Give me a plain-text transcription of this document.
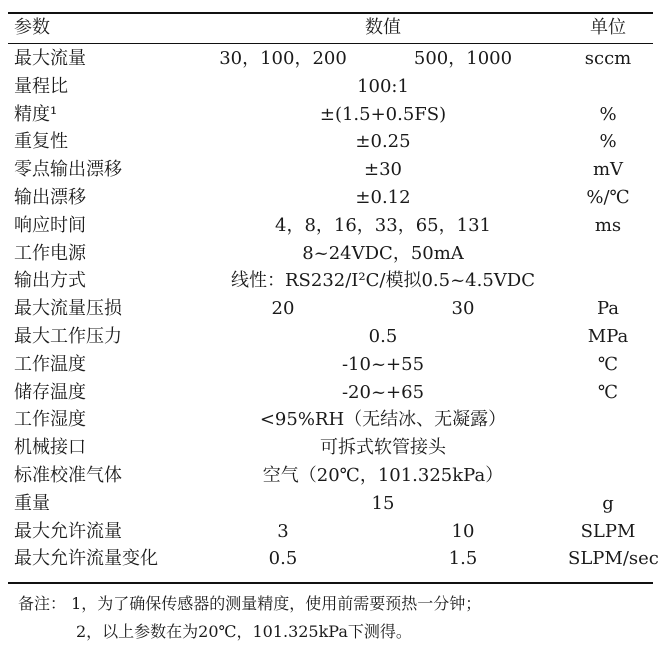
参数	数值	单位
最大流量	30，100，200	500，1000	sccm
量程比	100:1
精度¹	±(1.5+0.5FS)	%
重复性	±0.25	%
零点输出漂移	±30	mV
输出漂移	±0.12	%/℃
响应时间	4，8，16，33，65，131	ms
工作电源	8~24VDC，50mA
输出方式	线性：RS232/I²C/模拟0.5~4.5VDC
最大流量压损	20	30	Pa
最大工作压力	0.5	MPa
工作温度	-10~+55	℃
储存温度	-20~+65	℃
工作湿度	<95%RH（无结冰、无凝露）
机械接口	可拆式软管接头
标准校准气体	空气（20℃，101.325kPa）
重量	15	g
最大允许流量	3	10	SLPM
最大允许流量变化	0.5	1.5	SLPM/sec
备注： 1，为了确保传感器的测量精度，使用前需要预热一分钟；
2，以上参数在为20℃，101.325kPa下测得。
